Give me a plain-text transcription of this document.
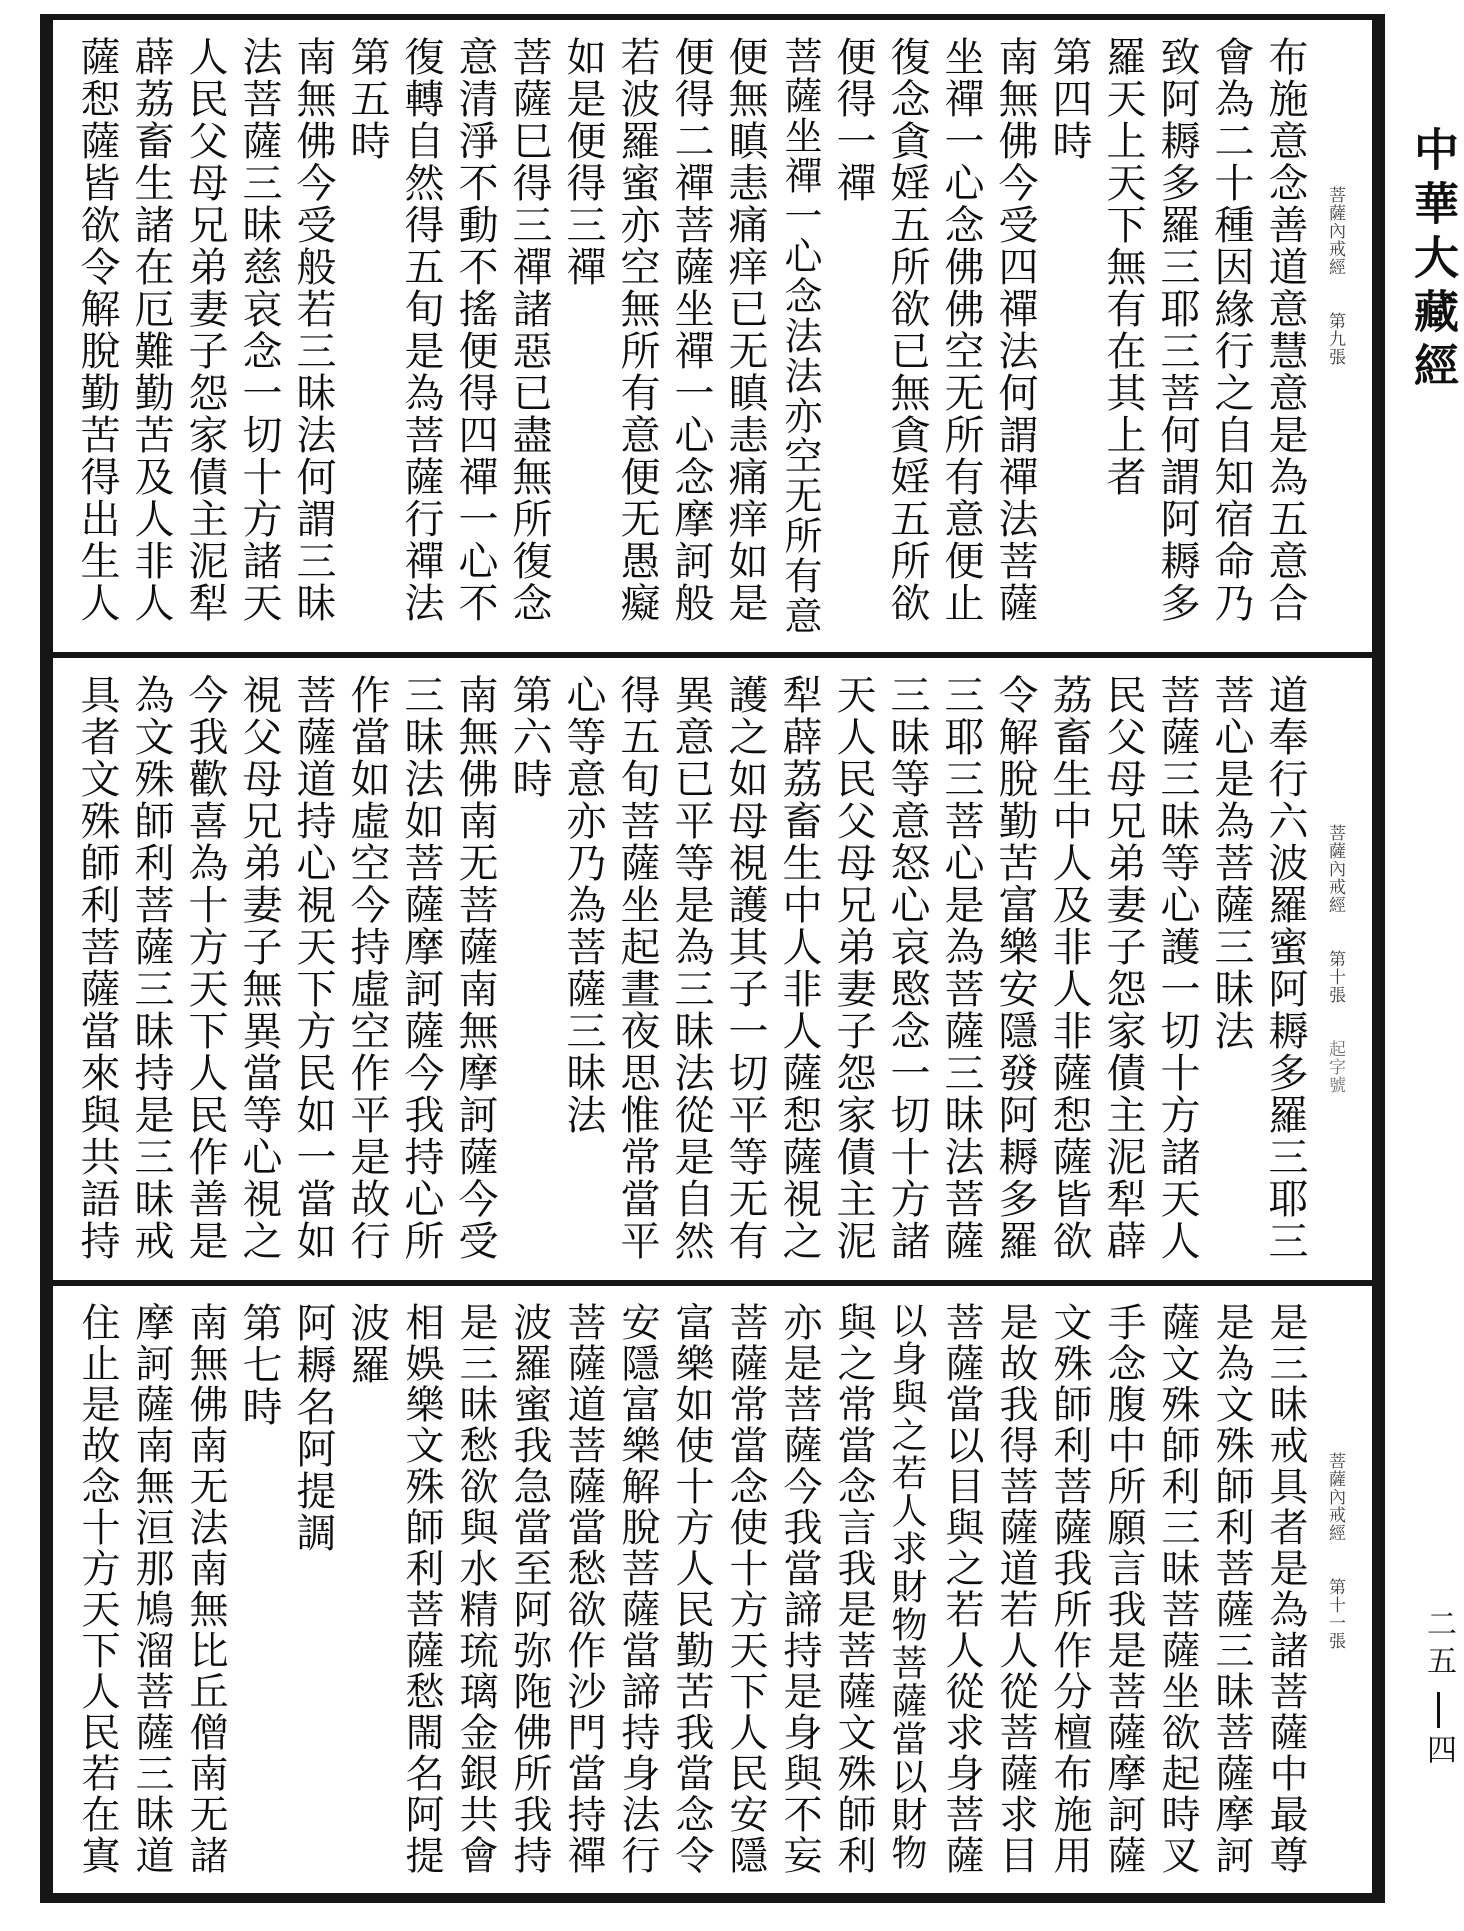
菩薩內戒經第九張
布施意念善道意慧意是為五意合
會為二十種因緣行之自知宿命乃
致阿耨多羅三耶三菩何謂阿耨多
羅天上天下無有在其上者
第四時
南無佛今受四禪法何謂禪法菩薩
坐禪一心念佛佛空无所有意便止
復念貪婬五所欲已無貪婬五所欲
便得一禪
菩薩坐禪一心念法法亦空无所有意
便無瞋恚痛痒已无瞋恚痛痒如是
便得二禪菩薩坐禪一心念摩訶般
若波羅蜜亦空無所有意便无愚癡
如是便得三禪
菩薩巳得三禪諸惡已盡無所復念
意清淨不動不搖便得四禪一心不
復轉自然得五旬是為菩薩行禪法
第五時
南無佛今受般若三昧法何謂三昧
法菩薩三昧慈哀念一切十方諸天
人民父母兄弟妻子怨家債主泥犁
薜荔畜生諸在厄難勤苦及人非人
薩惒薩皆欲令解脫勤苦得出生人
菩薩內戒經第十張起字號
道奉行六波羅蜜阿耨多羅三耶三
菩心是為菩薩三昧法
菩薩三昧等心護一切十方諸天人
民父母兄弟妻子怨家債主泥犁薜
荔畜生中人及非人非薩惒薩皆欲
令解脫勤苦富樂安隱發阿耨多羅
三耶三菩心是為菩薩三昧法菩薩
三昧等意怒心哀愍念一切十方諸
天人民父母兄弟妻子怨家債主泥
犁薜荔畜生中人非人薩惒薩視之
護之如母視護其子一切平等无有
異意已平等是為三昧法從是自然
得五旬菩薩坐起晝夜思惟常當平
心等意亦乃為菩薩三昧法
第六時
南無佛南无菩薩南無摩訶薩今受
三昧法如菩薩摩訶薩今我持心所
作當如虛空今持虛空作平是故行
菩薩道持心視天下方民如一當如
視父母兄弟妻子無異當等心視之
今我歡喜為十方天下人民作善是
為文殊師利菩薩三昧持是三昧戒
具者文殊師利菩薩當來與共語持
菩薩內戒經第十一張
是三昧戒具者是為諸菩薩中最尊
是為文殊師利菩薩三昧菩薩摩訶
薩文殊師利三昧菩薩坐欲起時叉
手念腹中所願言我是菩薩摩訶薩
文殊師利菩薩我所作分檀布施用
是故我得菩薩道若人從菩薩求目
菩薩當以目與之若人從求身菩薩
以身與之若人求財物菩薩當以財物
與之常當念言我是菩薩文殊師利
亦是菩薩今我當諦持是身與不妄
菩薩常當念使十方天下人民安隱
富樂如使十方人民勤苦我當念令
安隱富樂解脫菩薩當諦持身法行
菩薩道菩薩當愁欲作沙門當持禪
波羅蜜我急當至阿弥陁佛所我持
是三昧愁欲與水精琉璃金銀共會
相娛樂文殊師利菩薩愁閙名阿提
波羅
阿耨名阿提調
第七時
南無佛南无法南無比丘僧南无諸
摩訶薩南無洹那鳩溜菩薩三昧道
住止是故念十方天下人民若在寘
中華大藏經
二五四
